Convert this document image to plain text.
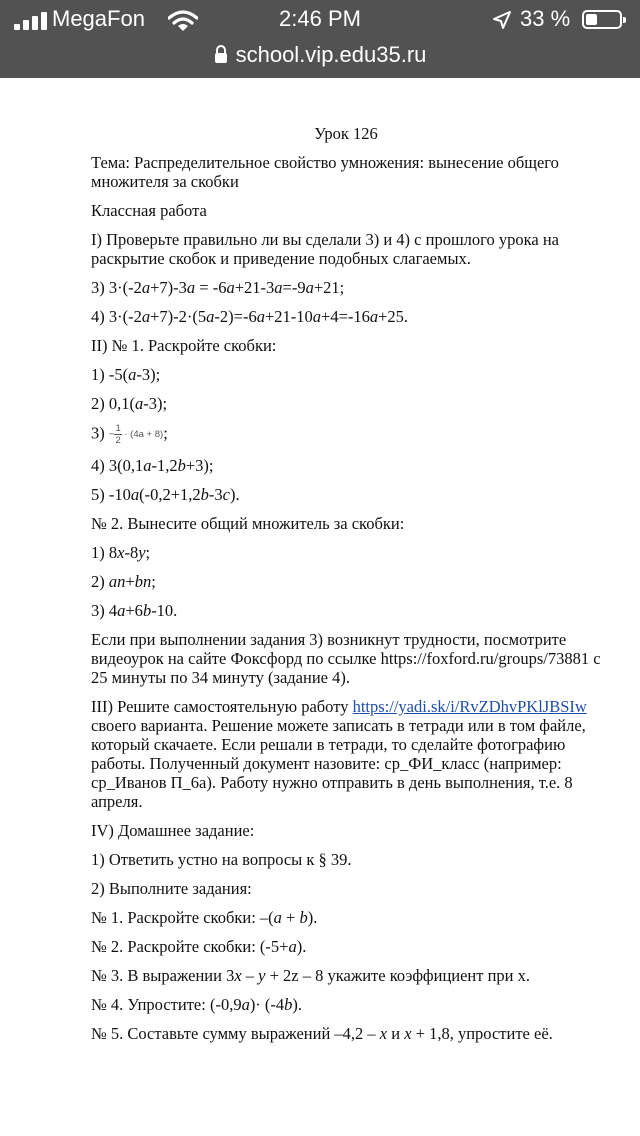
MegaFon	2:46 PM	33 %
school.vip.edu35.ru

Урок 126

Тема: Распределительное свойство умножения: вынесение общего множителя за скобки

Классная работа

I) Проверьте правильно ли вы сделали 3) и 4) с прошлого урока на раскрытие скобок и приведение подобных слагаемых.

3) 3·(-2a+7)-3a = -6a+21-3a=-9a+21;

4) 3·(-2a+7)-2·(5a-2)=-6a+21-10a+4=-16a+25.

II) № 1. Раскройте скобки:

1) -5(a-3);

2) 0,1(a-3);

$3) - \frac{1}{2} \cdot (4a + 8)$;

4) 3(0,1a-1,2b+3);

5) -10a(-0,2+1,2b-3c).

№ 2. Вынесите общий множитель за скобки:

1) 8x-8y;

2) an+bn;

3) 4a+6b-10.

Если при выполнении задания 3) возникнут трудности, посмотрите видеоурок на сайте Фоксфорд по ссылке https://foxford.ru/groups/73881 с 25 минуты по 34 минуту (задание 4).

III) Решите самостоятельную работу https://yadi.sk/i/RvZDhvPKlJBSIw своего варианта. Решение можете записать в тетради или в том файле, который скачаете. Если решали в тетради, то сделайте фотографию работы. Полученный документ назовите: ср_ФИ_класс (например: ср_Иванов П_6а). Работу нужно отправить в день выполнения, т.е. 8 апреля.

IV) Домашнее задание:

1) Ответить устно на вопросы к § 39.

2) Выполните задания:

№ 1. Раскройте скобки: –(a + b).

№ 2. Раскройте скобки: (-5+a).

№ 3. В выражении 3x – y + 2z – 8 укажите коэффициент при х.

№ 4. Упростите: (-0,9a)· (-4b).

№ 5. Составьте сумму выражений –4,2 – x и x + 1,8, упростите её.
